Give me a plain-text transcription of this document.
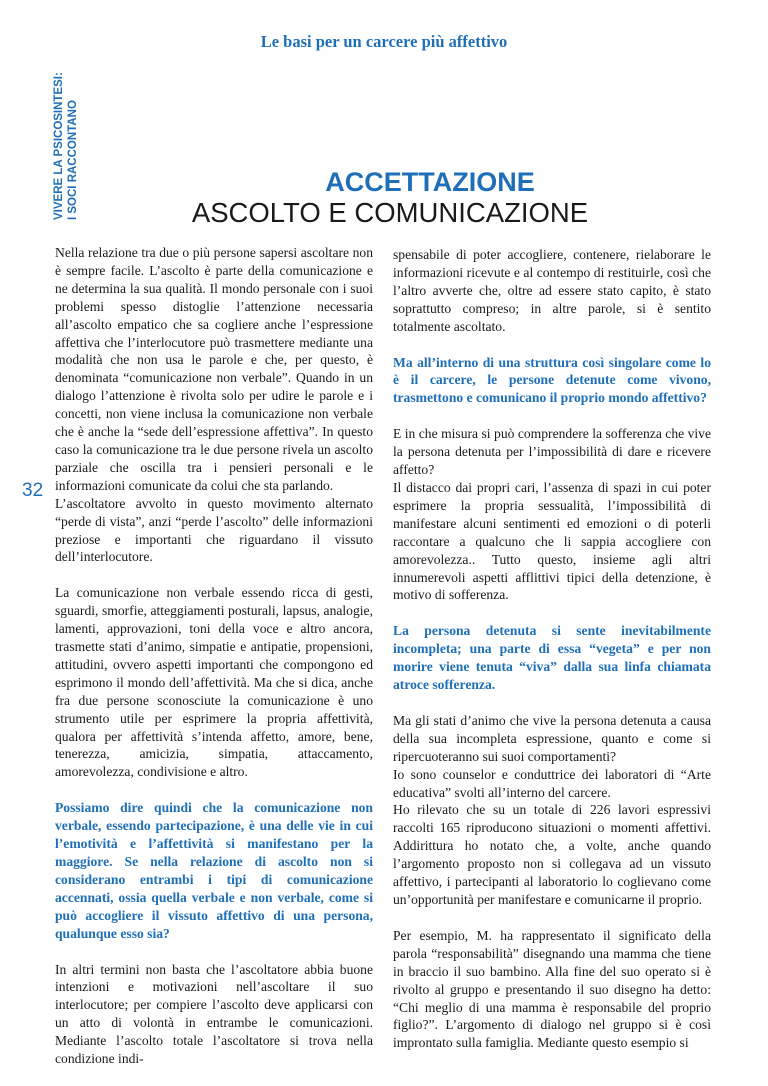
Le basi per un carcere più affettivo
VIVERE LA PSICOSINTESI: I SOCI RACCONTANO
32
ACCETTAZIONE
ASCOLTO E COMUNICAZIONE

Nella relazione tra due o più persone sapersi ascoltare non è sempre facile. L’ascolto è parte della comunicazione e ne determina la sua qualità. Il mondo personale con i suoi problemi spesso distoglie l’attenzione necessaria all’ascolto empatico che sa cogliere anche l’espressione affettiva che l’interlocutore può trasmettere mediante una modalità che non usa le parole e che, per questo, è denominata “comunicazione non verbale”. Quando in un dialogo l’attenzione è rivolta solo per udire le parole e i concetti, non viene inclusa la comunicazione non verbale che è anche la “sede dell’espressione affettiva”. In questo caso la comunicazione tra le due persone rivela un ascolto parziale che oscilla tra i pensieri personali e le informazioni comunicate da colui che sta parlando.

L’ascoltatore avvolto in questo movimento alternato “perde di vista”, anzi “perde l’ascolto” delle informazioni preziose e importanti che riguardano il vissuto dell’interlocutore.

La comunicazione non verbale essendo ricca di gesti, sguardi, smorfie, atteggiamenti posturali, lapsus, analogie, lamenti, approvazioni, toni della voce e altro ancora, trasmette stati d’animo, simpatie e antipatie, propensioni, attitudini, ovvero aspetti importanti che compongono ed esprimono il mondo dell’affettività. Ma che si dica, anche fra due persone sconosciute la comunicazione è uno strumento utile per esprimere la propria affettività, qualora per affettività s’intenda affetto, amore, bene, tenerezza, amicizia, simpatia, attaccamento, amorevolezza, condivisione e altro.

Possiamo dire quindi che la comunicazione non verbale, essendo partecipazione, è una delle vie in cui l’emotività e l’affettività si manifestano per la maggiore. Se nella relazione di ascolto non si considerano entrambi i tipi di comunicazione accennati, ossia quella verbale e non verbale, come si può accogliere il vissuto affettivo di una persona, qualunque esso sia?

In altri termini non basta che l’ascoltatore abbia buone intenzioni e motivazioni nell’ascoltare il suo interlocutore; per compiere l’ascolto deve applicarsi con un atto di volontà in entrambe le comunicazioni. Mediante l’ascolto totale l’ascoltatore si trova nella condizione indi-

spensabile di poter accogliere, contenere, rielaborare le informazioni ricevute e al contempo di restituirle, così che l’altro avverte che, oltre ad essere stato capito, è stato soprattutto compreso; in altre parole, si è sentito totalmente ascoltato.

Ma all’interno di una struttura così singolare come lo è il carcere, le persone detenute come vivono, trasmettono e comunicano il proprio mondo affettivo?

E in che misura si può comprendere la sofferenza che vive la persona detenuta per l’impossibilità di dare e ricevere affetto?

Il distacco dai propri cari, l’assenza di spazi in cui poter esprimere la propria sessualità, l’impossibilità di manifestare alcuni sentimenti ed emozioni o di poterli raccontare a qualcuno che li sappia accogliere con amorevolezza.. Tutto questo, insieme agli altri innumerevoli aspetti afflittivi tipici della detenzione, è motivo di sofferenza.

La persona detenuta si sente inevitabilmente incompleta; una parte di essa “vegeta” e per non morire viene tenuta “viva” dalla sua linfa chiamata atroce sofferenza.

Ma gli stati d’animo che vive la persona detenuta a causa della sua incompleta espressione, quanto e come si ripercuoteranno sui suoi comportamenti?

Io sono counselor e conduttrice dei laboratori di “Arte educativa” svolti all’interno del carcere.

Ho rilevato che su un totale di 226 lavori espressivi raccolti 165 riproducono situazioni o momenti affettivi. Addirittura ho notato che, a volte, anche quando l’argomento proposto non si collegava ad un vissuto affettivo, i partecipanti al laboratorio lo coglievano come un’opportunità per manifestare e comunicarne il proprio.

Per esempio, M. ha rappresentato il significato della parola “responsabilità” disegnando una mamma che tiene in braccio il suo bambino. Alla fine del suo operato si è rivolto al gruppo e presentando il suo disegno ha detto: “Chi meglio di una mamma è responsabile del proprio figlio?”. L’argomento di dialogo nel gruppo si è così improntato sulla famiglia. Mediante questo esempio si
